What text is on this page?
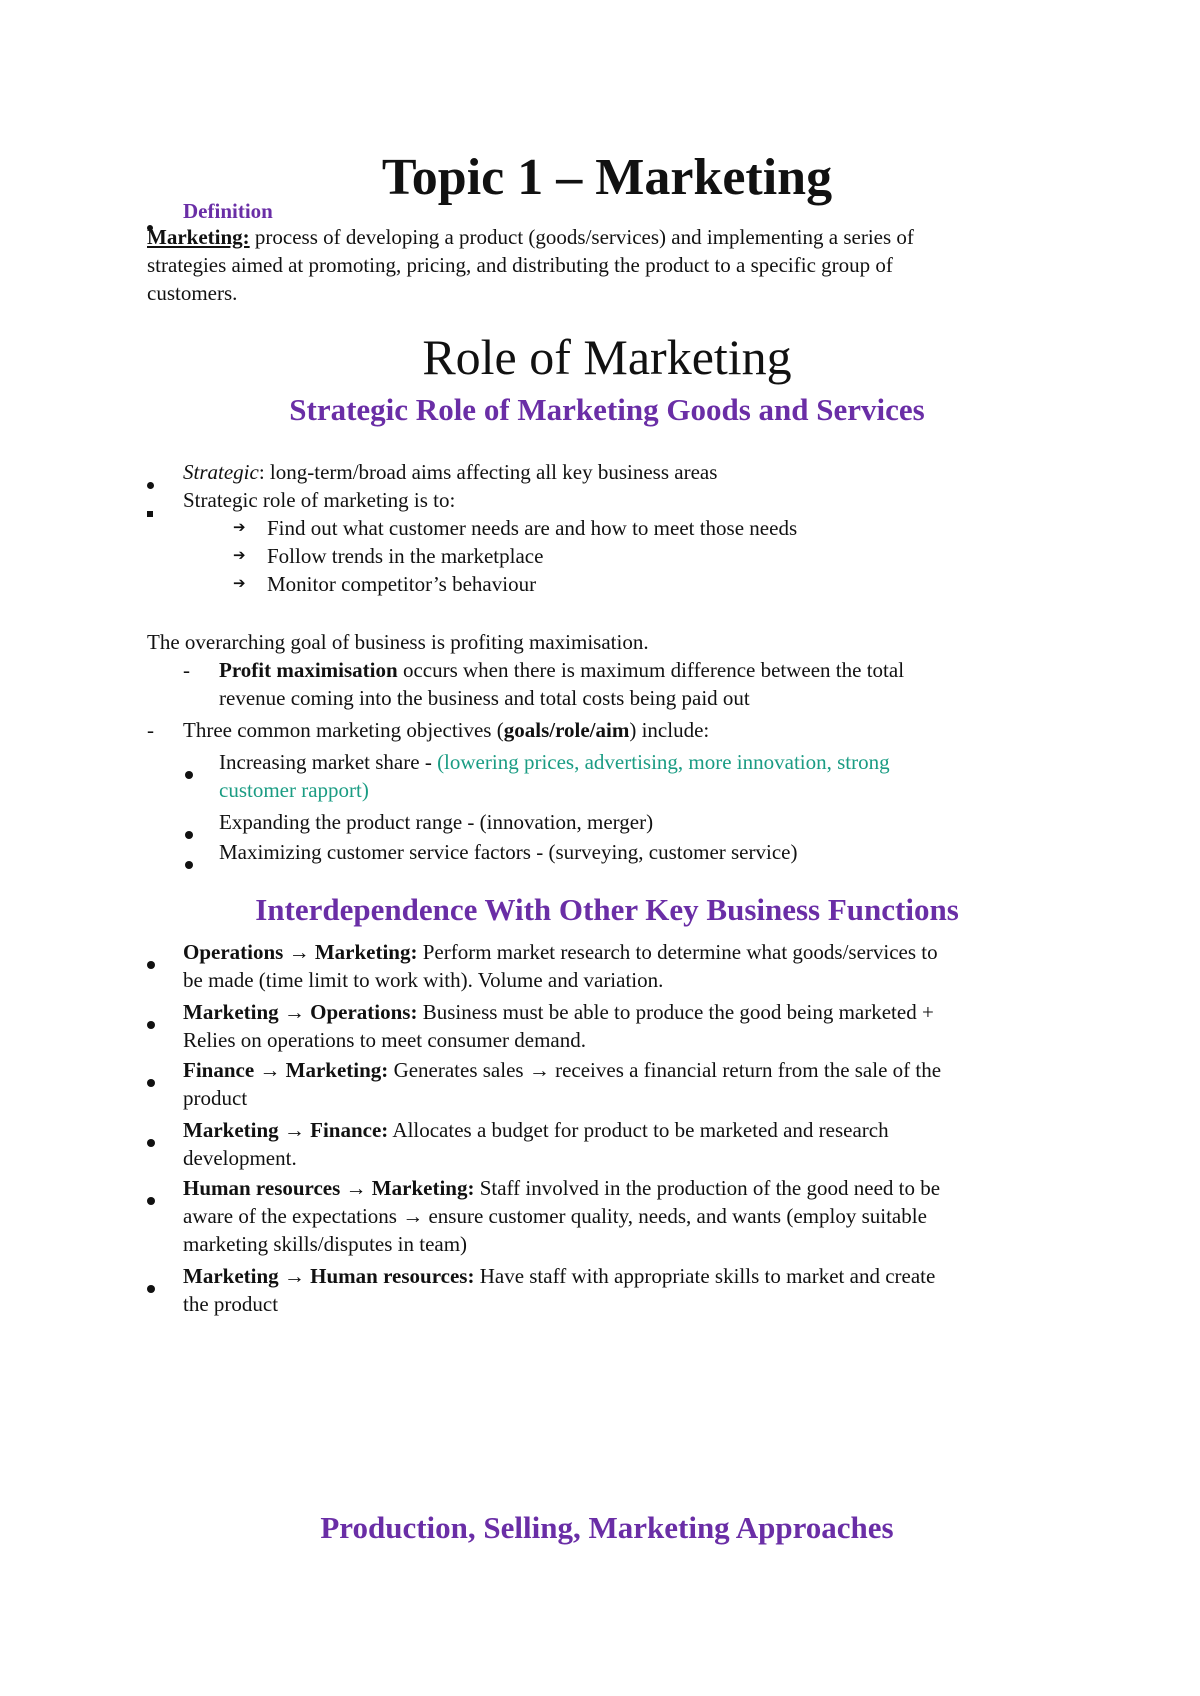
Topic 1 – Marketing
Definition
Marketing: process of developing a product (goods/services) and implementing a series of
strategies aimed at promoting, pricing, and distributing the product to a specific group of
customers.
Role of Marketing
Strategic Role of Marketing Goods and Services
Strategic: long-term/broad aims affecting all key business areas
Strategic role of marketing is to:
➔ Find out what customer needs are and how to meet those needs
➔ Follow trends in the marketplace
➔ Monitor competitor’s behaviour
The overarching goal of business is profiting maximisation.
- Profit maximisation occurs when there is maximum difference between the total
revenue coming into the business and total costs being paid out
- Three common marketing objectives (goals/role/aim) include:
Increasing market share - (lowering prices, advertising, more innovation, strong
customer rapport)
Expanding the product range - (innovation, merger)
Maximizing customer service factors - (surveying, customer service)
Interdependence With Other Key Business Functions
Operations → Marketing: Perform market research to determine what goods/services to
be made (time limit to work with). Volume and variation.
Marketing → Operations: Business must be able to produce the good being marketed +
Relies on operations to meet consumer demand.
Finance → Marketing: Generates sales → receives a financial return from the sale of the
product
Marketing → Finance: Allocates a budget for product to be marketed and research
development.
Human resources → Marketing: Staff involved in the production of the good need to be
aware of the expectations → ensure customer quality, needs, and wants (employ suitable
marketing skills/disputes in team)
Marketing → Human resources: Have staff with appropriate skills to market and create
the product
Production, Selling, Marketing Approaches
